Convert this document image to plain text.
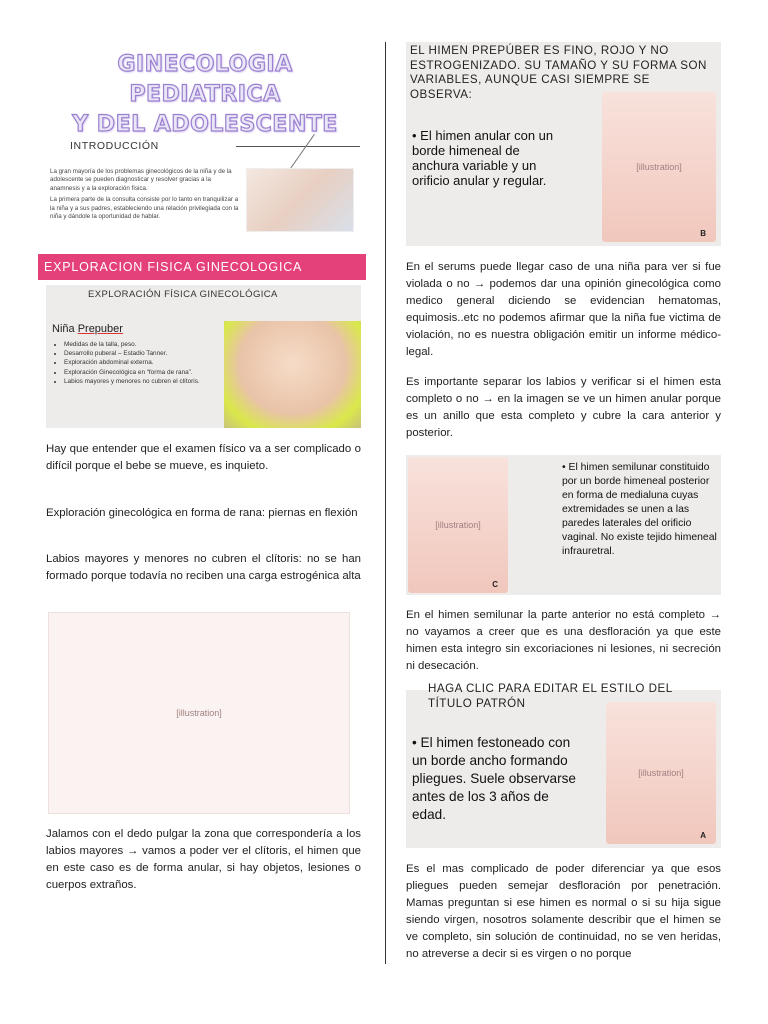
GINECOLOGIA PEDIATRICA
Y DEL ADOLESCENTE
INTRODUCCIÓN

La gran mayoría de los problemas ginecológicos de la niña y de la adolescente se pueden diagnosticar y resolver gracias a la anamnesis y a la exploración física.

La primera parte de la consulta consiste por lo tanto en tranquilizar a la niña y a sus padres, estableciendo una relación privilegiada con la niña y dándole la oportunidad de hablar.

EXPLORACION FISICA GINECOLOGICA
EXPLORACIÓN FÍSICA GINECOLÓGICA
Niña Prepuber
• Medidas de la talla, peso.
• Desarrollo puberal – Estadio Tanner.
• Exploración abdominal externa.
• Exploración Ginecológica en “forma de rana”.
• Labios mayores y menores no cubren el clítoris.

Hay que entender que el examen físico va a ser complicado o difícil porque el bebe se mueve, es inquieto.

Exploración ginecológica en forma de rana: piernas en flexión

Labios mayores y menores no cubren el clítoris: no se han formado porque todavía no reciben una carga estrogénica alta

[illustration]

Jalamos con el dedo pulgar la zona que correspondería a los labios mayores → vamos a poder ver el clítoris, el himen que en este caso es de forma anular, si hay objetos, lesiones o cuerpos extraños.

EL HIMEN PREPÚBER ES FINO, ROJO Y NO ESTROGENIZADO. SU TAMAÑO Y SU FORMA SON VARIABLES, AUNQUE CASI SIEMPRE SE OBSERVA:
• El himen anular con un borde himeneal de anchura variable y un orificio anular y regular.
[illustration]
B

En el serums puede llegar caso de una niña para ver si fue violada o no → podemos dar una opinión ginecológica como medico general diciendo se evidencian hematomas, equimosis..etc no podemos afirmar que la niña fue victima de violación, no es nuestra obligación emitir un informe médico-legal.

Es importante separar los labios y verificar si el himen esta completo o no → en la imagen se ve un himen anular porque es un anillo que esta completo y cubre la cara anterior y posterior.

[illustration]
C
• El himen semilunar constituido por un borde himeneal posterior en forma de medialuna cuyas extremidades se unen a las paredes laterales del orificio vaginal. No existe tejido himeneal infrauretral.

En el himen semilunar la parte anterior no está completo → no vayamos a creer que es una desfloración ya que este himen esta integro sin excoriaciones ni lesiones, ni secreción ni desecación.

HAGA CLIC PARA EDITAR EL ESTILO DEL TÍTULO PATRÓN
• El himen festoneado con un borde ancho formando pliegues. Suele observarse antes de los 3 años de edad.
[illustration]
A

Es el mas complicado de poder diferenciar ya que esos pliegues pueden semejar desfloración por penetración. Mamas preguntan si ese himen es normal o si su hija sigue siendo virgen, nosotros solamente describir que el himen se ve completo, sin solución de continuidad, no se ven heridas, no atreverse a decir si es virgen o no porque
